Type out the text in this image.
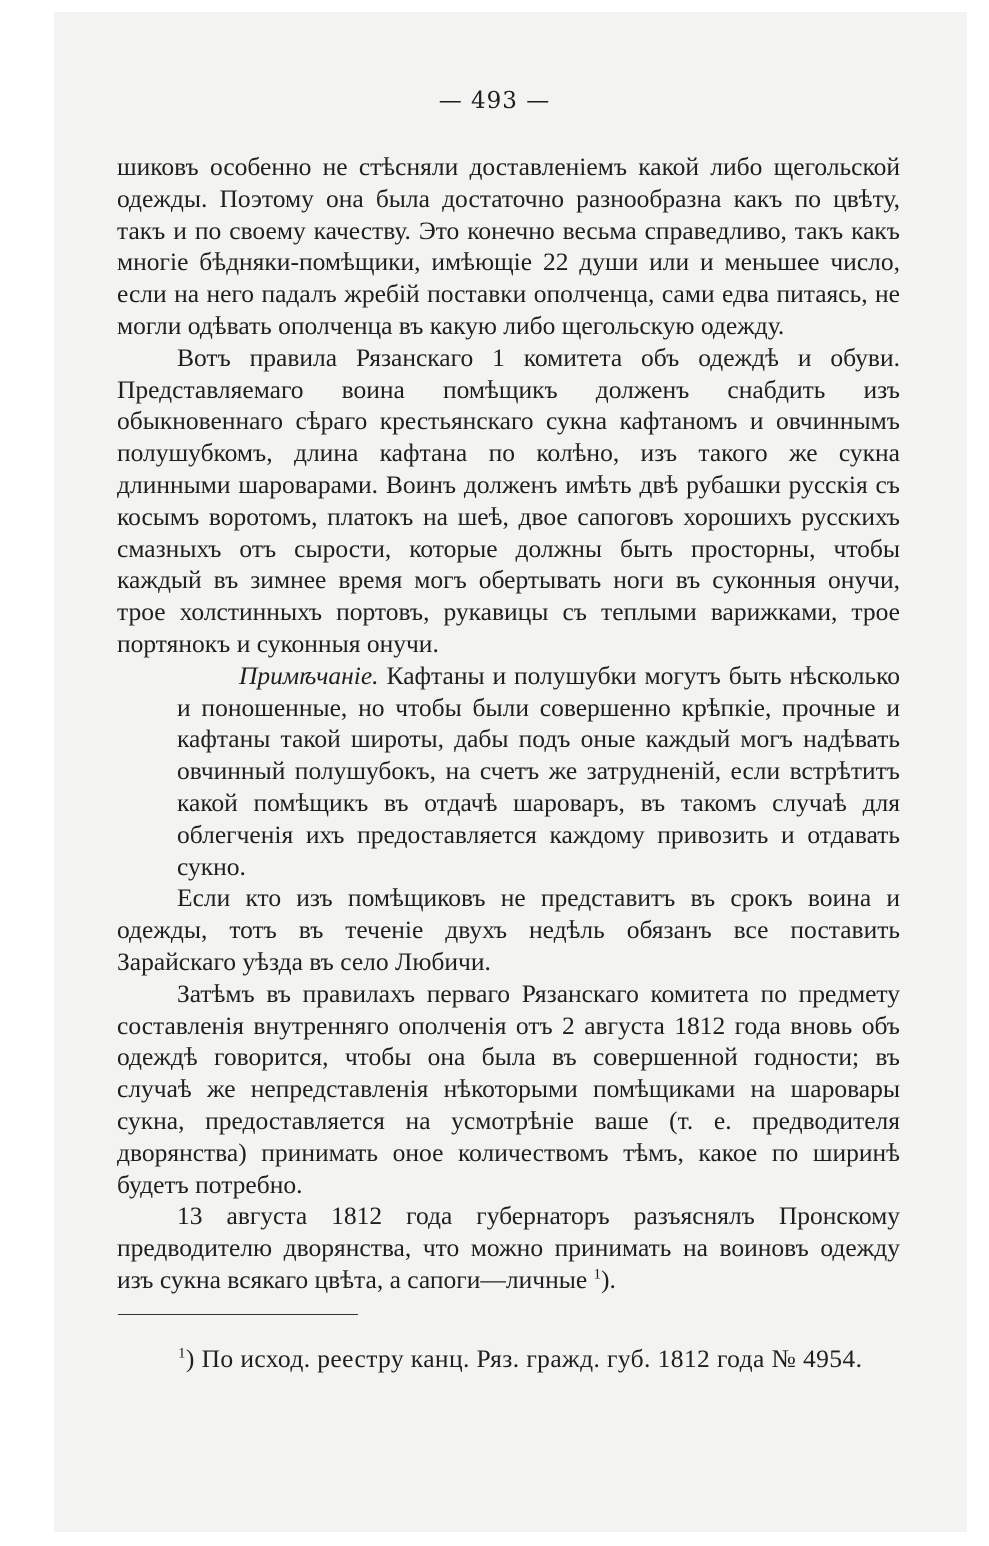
— 493 —

шиковъ особенно не стѣсняли доставленіемъ какой либо щегольской одежды. Поэтому она была достаточно разнообразна какъ по цвѣту, такъ и по своему качеству. Это конечно весьма справедливо, такъ какъ многіе бѣдняки-помѣщики, имѣющіе 22 души или и меньшее число, если на него падалъ жребій поставки ополченца, сами едва питаясь, не могли одѣвать ополченца въ какую либо щегольскую одежду.

Вотъ правила Рязанскаго 1 комитета объ одеждѣ и обуви. Представляемаго воина помѣщикъ долженъ снабдить изъ обыкновеннаго сѣраго крестьянскаго сукна кафтаномъ и овчиннымъ полушубкомъ, длина кафтана по колѣно, изъ такого же сукна длинными шароварами. Воинъ долженъ имѣть двѣ рубашки русскія съ косымъ воротомъ, платокъ на шеѣ, двое сапоговъ хорошихъ русскихъ смазныхъ отъ сырости, которые должны быть просторны, чтобы каждый въ зимнее время могъ обертывать ноги въ суконныя онучи, трое холстинныхъ портовъ, рукавицы съ теплыми варижками, трое портянокъ и суконныя онучи.

Примѣчаніе. Кафтаны и полушубки могутъ быть нѣсколько и поношенные, но чтобы были совершенно крѣпкіе, прочные и кафтаны такой широты, дабы подъ оные каждый могъ надѣвать овчинный полушубокъ, на счетъ же затрудненій, если встрѣтитъ какой помѣщикъ въ отдачѣ шароваръ, въ такомъ случаѣ для облегченія ихъ предоставляется каждому привозить и отдавать сукно.

Если кто изъ помѣщиковъ не представитъ въ срокъ воина и одежды, тотъ въ теченіе двухъ недѣль обязанъ все поставить Зарайскаго уѣзда въ село Любичи.

Затѣмъ въ правилахъ перваго Рязанскаго комитета по предмету составленія внутренняго ополченія отъ 2 августа 1812 года вновь объ одеждѣ говорится, чтобы она была въ совершенной годности; въ случаѣ же непредставленія нѣкоторыми помѣщиками на шаровары сукна, предоставляется на усмотрѣніе ваше (т. е. предводителя дворянства) принимать оное количествомъ тѣмъ, какое по ширинѣ будетъ потребно.

13 августа 1812 года губернаторъ разъяснялъ Пронскому предводителю дворянства, что можно принимать на воиновъ одежду изъ сукна всякаго цвѣта, а сапоги—личные $^1$).

$^1$) По исход. реестру канц. Ряз. гражд. губ. 1812 года № 4954.
